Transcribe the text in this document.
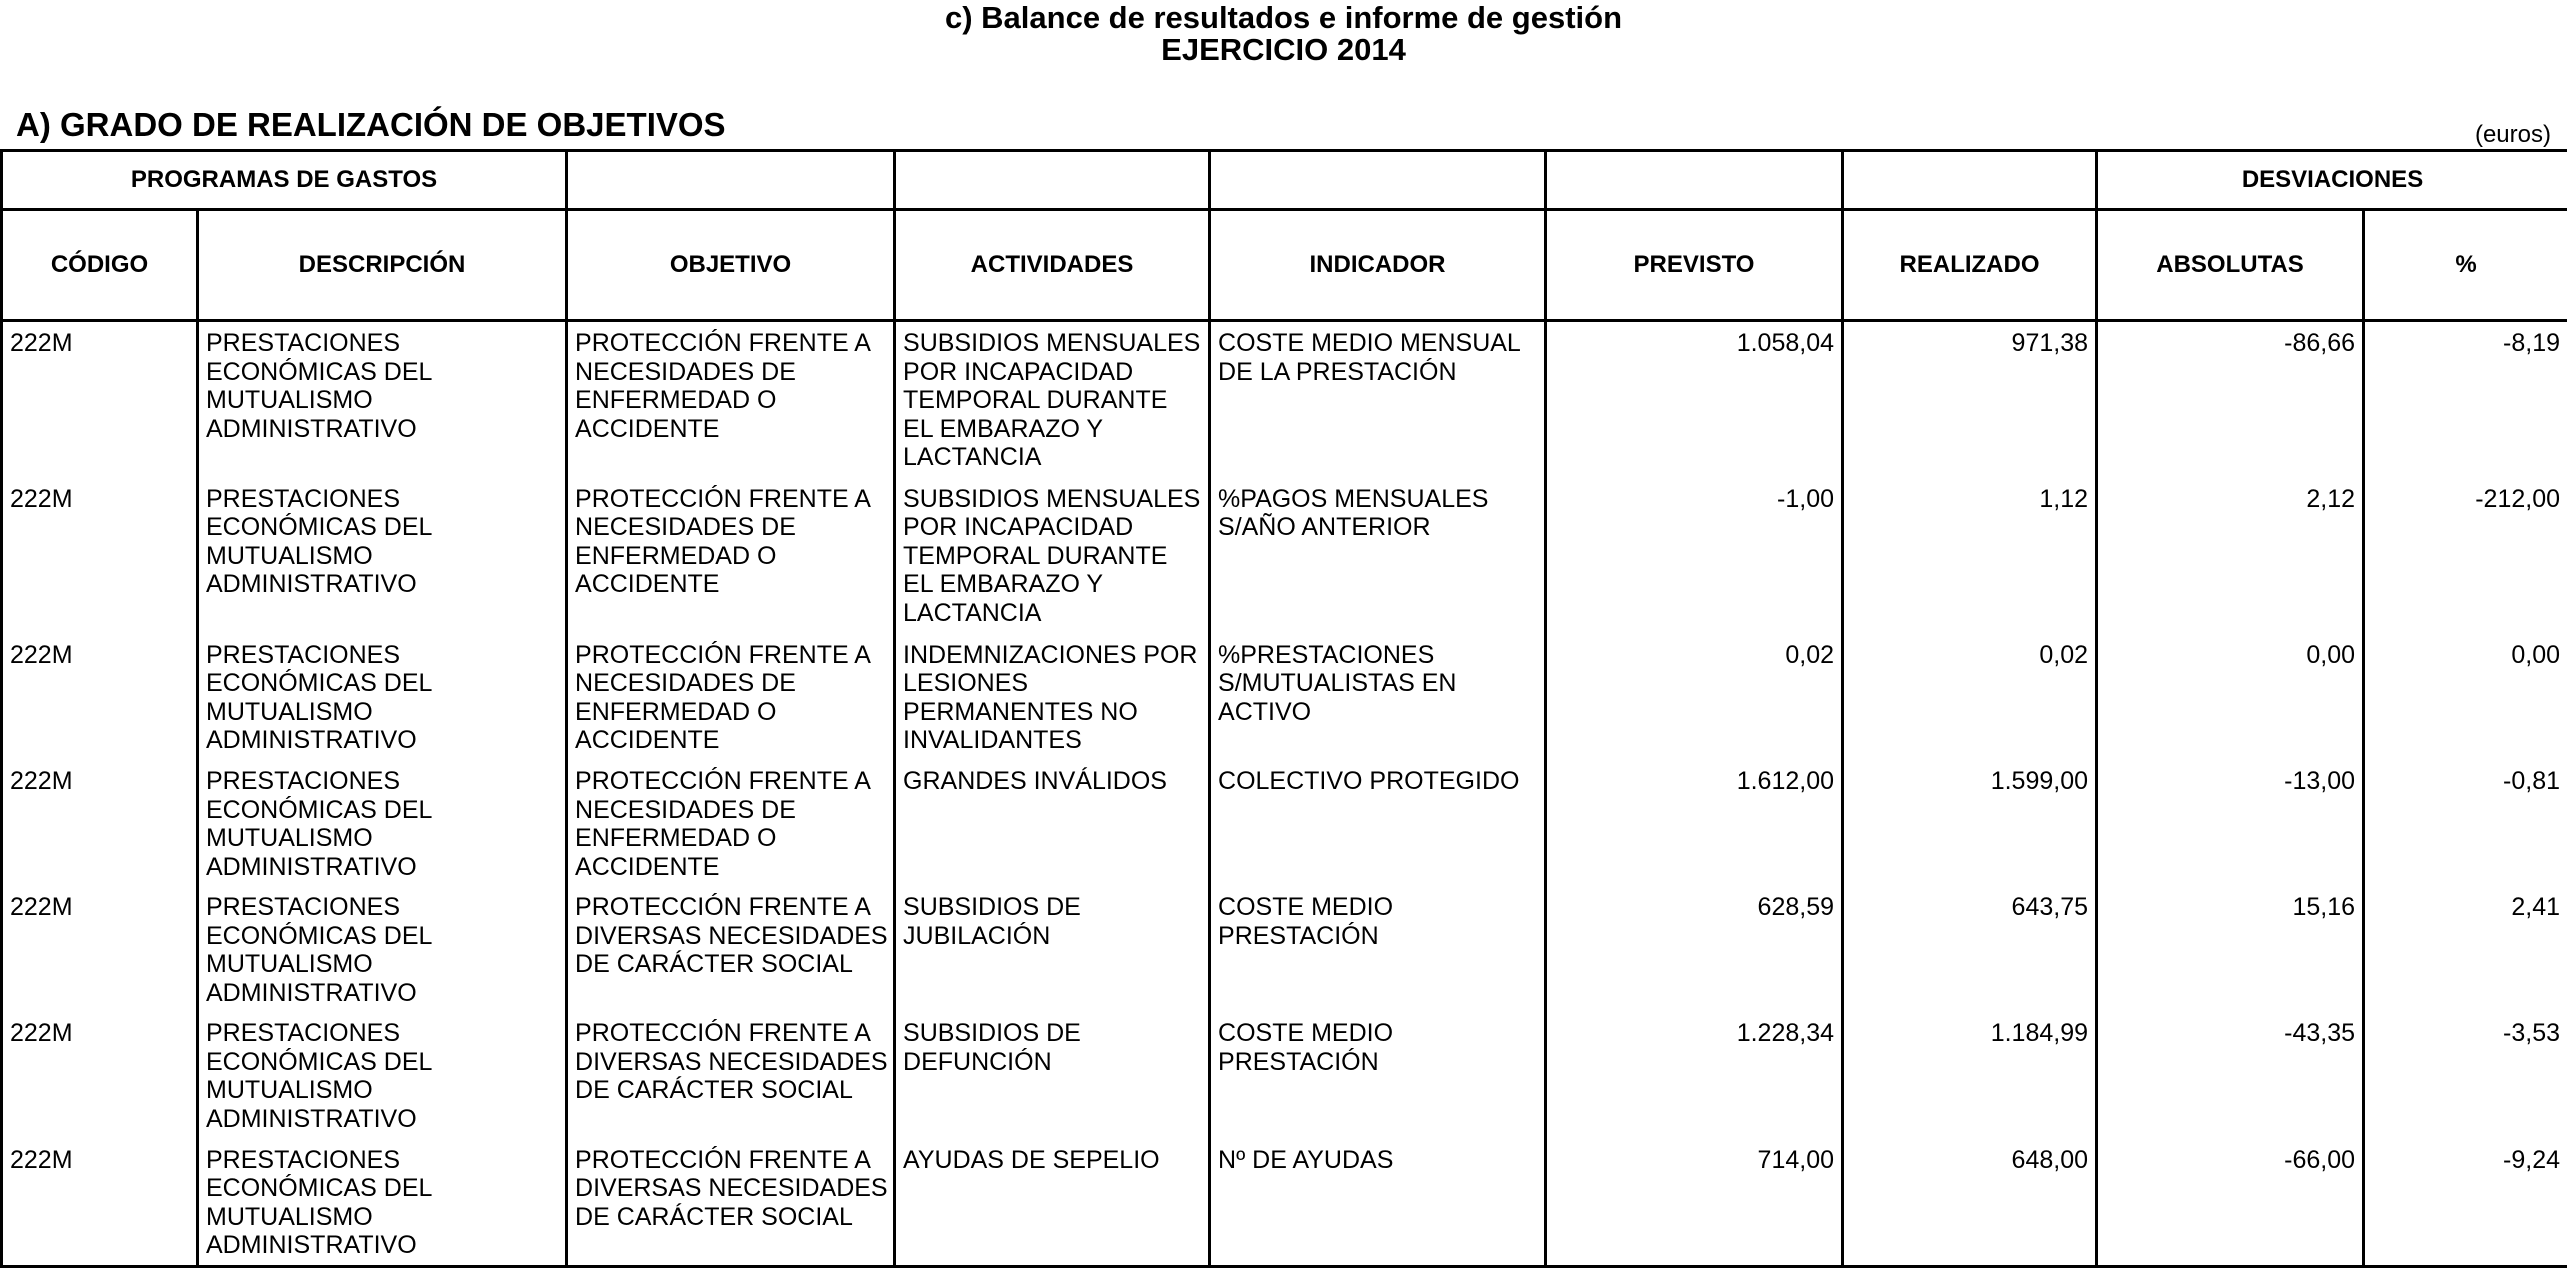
c) Balance de resultados e informe de gestión
EJERCICIO 2014
A) GRADO DE REALIZACIÓN DE OBJETIVOS	(euros)
PROGRAMAS DE GASTOS							DESVIACIONES	
CÓDIGO	DESCRIPCIÓN	OBJETIVO	ACTIVIDADES	INDICADOR	PREVISTO	REALIZADO	ABSOLUTAS	%
222M	PRESTACIONES ECONÓMICAS DEL MUTUALISMO ADMINISTRATIVO	PROTECCIÓN FRENTE A NECESIDADES DE ENFERMEDAD O ACCIDENTE	SUBSIDIOS MENSUALES POR INCAPACIDAD TEMPORAL DURANTE EL EMBARAZO Y LACTANCIA	COSTE MEDIO MENSUAL DE LA PRESTACIÓN	1.058,04	971,38	-86,66	-8,19
222M	PRESTACIONES ECONÓMICAS DEL MUTUALISMO ADMINISTRATIVO	PROTECCIÓN FRENTE A NECESIDADES DE ENFERMEDAD O ACCIDENTE	SUBSIDIOS MENSUALES POR INCAPACIDAD TEMPORAL DURANTE EL EMBARAZO Y LACTANCIA	%PAGOS MENSUALES S/AÑO ANTERIOR	-1,00	1,12	2,12	-212,00
222M	PRESTACIONES ECONÓMICAS DEL MUTUALISMO ADMINISTRATIVO	PROTECCIÓN FRENTE A NECESIDADES DE ENFERMEDAD O ACCIDENTE	INDEMNIZACIONES POR LESIONES PERMANENTES NO INVALIDANTES	%PRESTACIONES S/MUTUALISTAS EN ACTIVO	0,02	0,02	0,00	0,00
222M	PRESTACIONES ECONÓMICAS DEL MUTUALISMO ADMINISTRATIVO	PROTECCIÓN FRENTE A NECESIDADES DE ENFERMEDAD O ACCIDENTE	GRANDES INVÁLIDOS	COLECTIVO PROTEGIDO	1.612,00	1.599,00	-13,00	-0,81
222M	PRESTACIONES ECONÓMICAS DEL MUTUALISMO ADMINISTRATIVO	PROTECCIÓN FRENTE A DIVERSAS NECESIDADES DE CARÁCTER SOCIAL	SUBSIDIOS DE JUBILACIÓN	COSTE MEDIO PRESTACIÓN	628,59	643,75	15,16	2,41
222M	PRESTACIONES ECONÓMICAS DEL MUTUALISMO ADMINISTRATIVO	PROTECCIÓN FRENTE A DIVERSAS NECESIDADES DE CARÁCTER SOCIAL	SUBSIDIOS DE DEFUNCIÓN	COSTE MEDIO PRESTACIÓN	1.228,34	1.184,99	-43,35	-3,53
222M	PRESTACIONES ECONÓMICAS DEL MUTUALISMO ADMINISTRATIVO	PROTECCIÓN FRENTE A DIVERSAS NECESIDADES DE CARÁCTER SOCIAL	AYUDAS DE SEPELIO	Nº DE AYUDAS	714,00	648,00	-66,00	-9,24
